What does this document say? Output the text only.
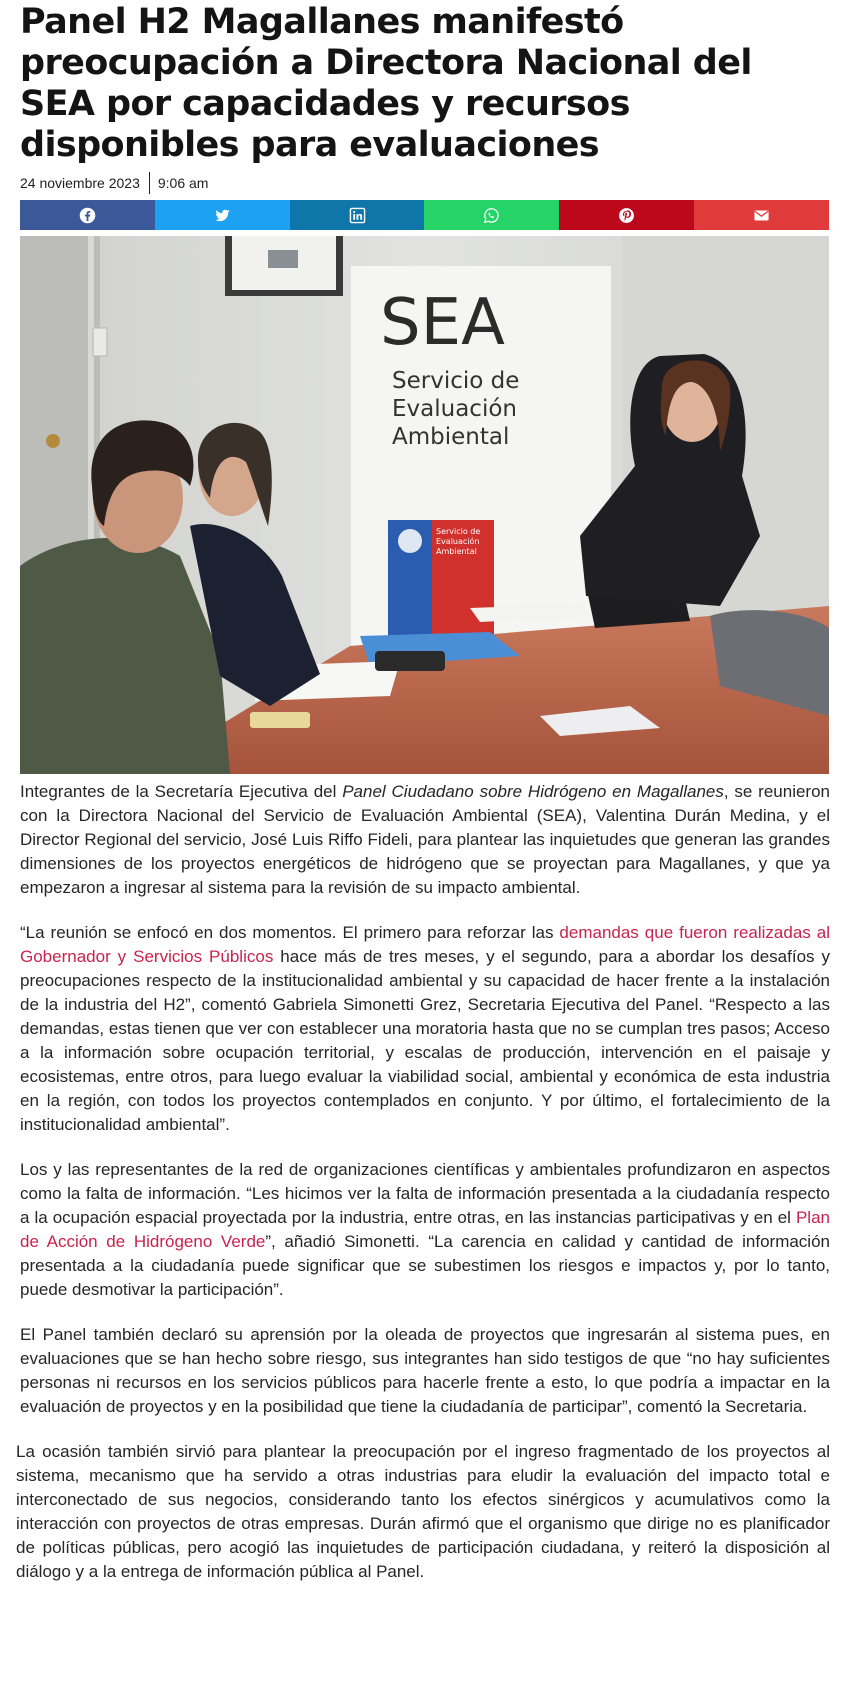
Panel H2 Magallanes manifestó preocupación a Directora Nacional del SEA por capacidades y recursos disponibles para evaluaciones
24 noviembre 2023 9:06 am
SEA
Servicio de
Evaluación
Ambiental
Servicio de
Evaluación
Ambiental

Integrantes de la Secretaría Ejecutiva del Panel Ciudadano sobre Hidrógeno en Magallanes, se reunieron con la Directora Nacional del Servicio de Evaluación Ambiental (SEA), Valentina Durán Medina, y el Director Regional del servicio, José Luis Riffo Fideli, para plantear las inquietudes que generan las grandes dimensiones de los proyectos energéticos de hidrógeno que se proyectan para Magallanes, y que ya empezaron a ingresar al sistema para la revisión de su impacto ambiental.

“La reunión se enfocó en dos momentos. El primero para reforzar las demandas que fueron realizadas al Gobernador y Servicios Públicos hace más de tres meses, y el segundo, para a abordar los desafíos y preocupaciones respecto de la institucionalidad ambiental y su capacidad de hacer frente a la instalación de la industria del H2”, comentó Gabriela Simonetti Grez, Secretaria Ejecutiva del Panel. “Respecto a las demandas, estas tienen que ver con establecer una moratoria hasta que no se cumplan tres pasos; Acceso a la información sobre ocupación territorial, y escalas de producción, intervención en el paisaje y ecosistemas, entre otros, para luego evaluar la viabilidad social, ambiental y económica de esta industria en la región, con todos los proyectos contemplados en conjunto. Y por último, el fortalecimiento de la institucionalidad ambiental”.

Los y las representantes de la red de organizaciones científicas y ambientales profundizaron en aspectos como la falta de información. “Les hicimos ver la falta de información presentada a la ciudadanía respecto a la ocupación espacial proyectada por la industria, entre otras, en las instancias participativas y en el Plan de Acción de Hidrógeno Verde”, añadió Simonetti. “La carencia en calidad y cantidad de información presentada a la ciudadanía puede significar que se subestimen los riesgos e impactos y, por lo tanto, puede desmotivar la participación”.

El Panel también declaró su aprensión por la oleada de proyectos que ingresarán al sistema pues, en evaluaciones que se han hecho sobre riesgo, sus integrantes han sido testigos de que “no hay suficientes personas ni recursos en los servicios públicos para hacerle frente a esto, lo que podría a impactar en la evaluación de proyectos y en la posibilidad que tiene la ciudadanía de participar”, comentó la Secretaria.

La ocasión también sirvió para plantear la preocupación por el ingreso fragmentado de los proyectos al sistema, mecanismo que ha servido a otras industrias para eludir la evaluación del impacto total e interconectado de sus negocios, considerando tanto los efectos sinérgicos y acumulativos como la interacción con proyectos de otras empresas. Durán afirmó que el organismo que dirige no es planificador de políticas públicas, pero acogió las inquietudes de participación ciudadana, y reiteró la disposición al diálogo y a la entrega de información pública al Panel.
